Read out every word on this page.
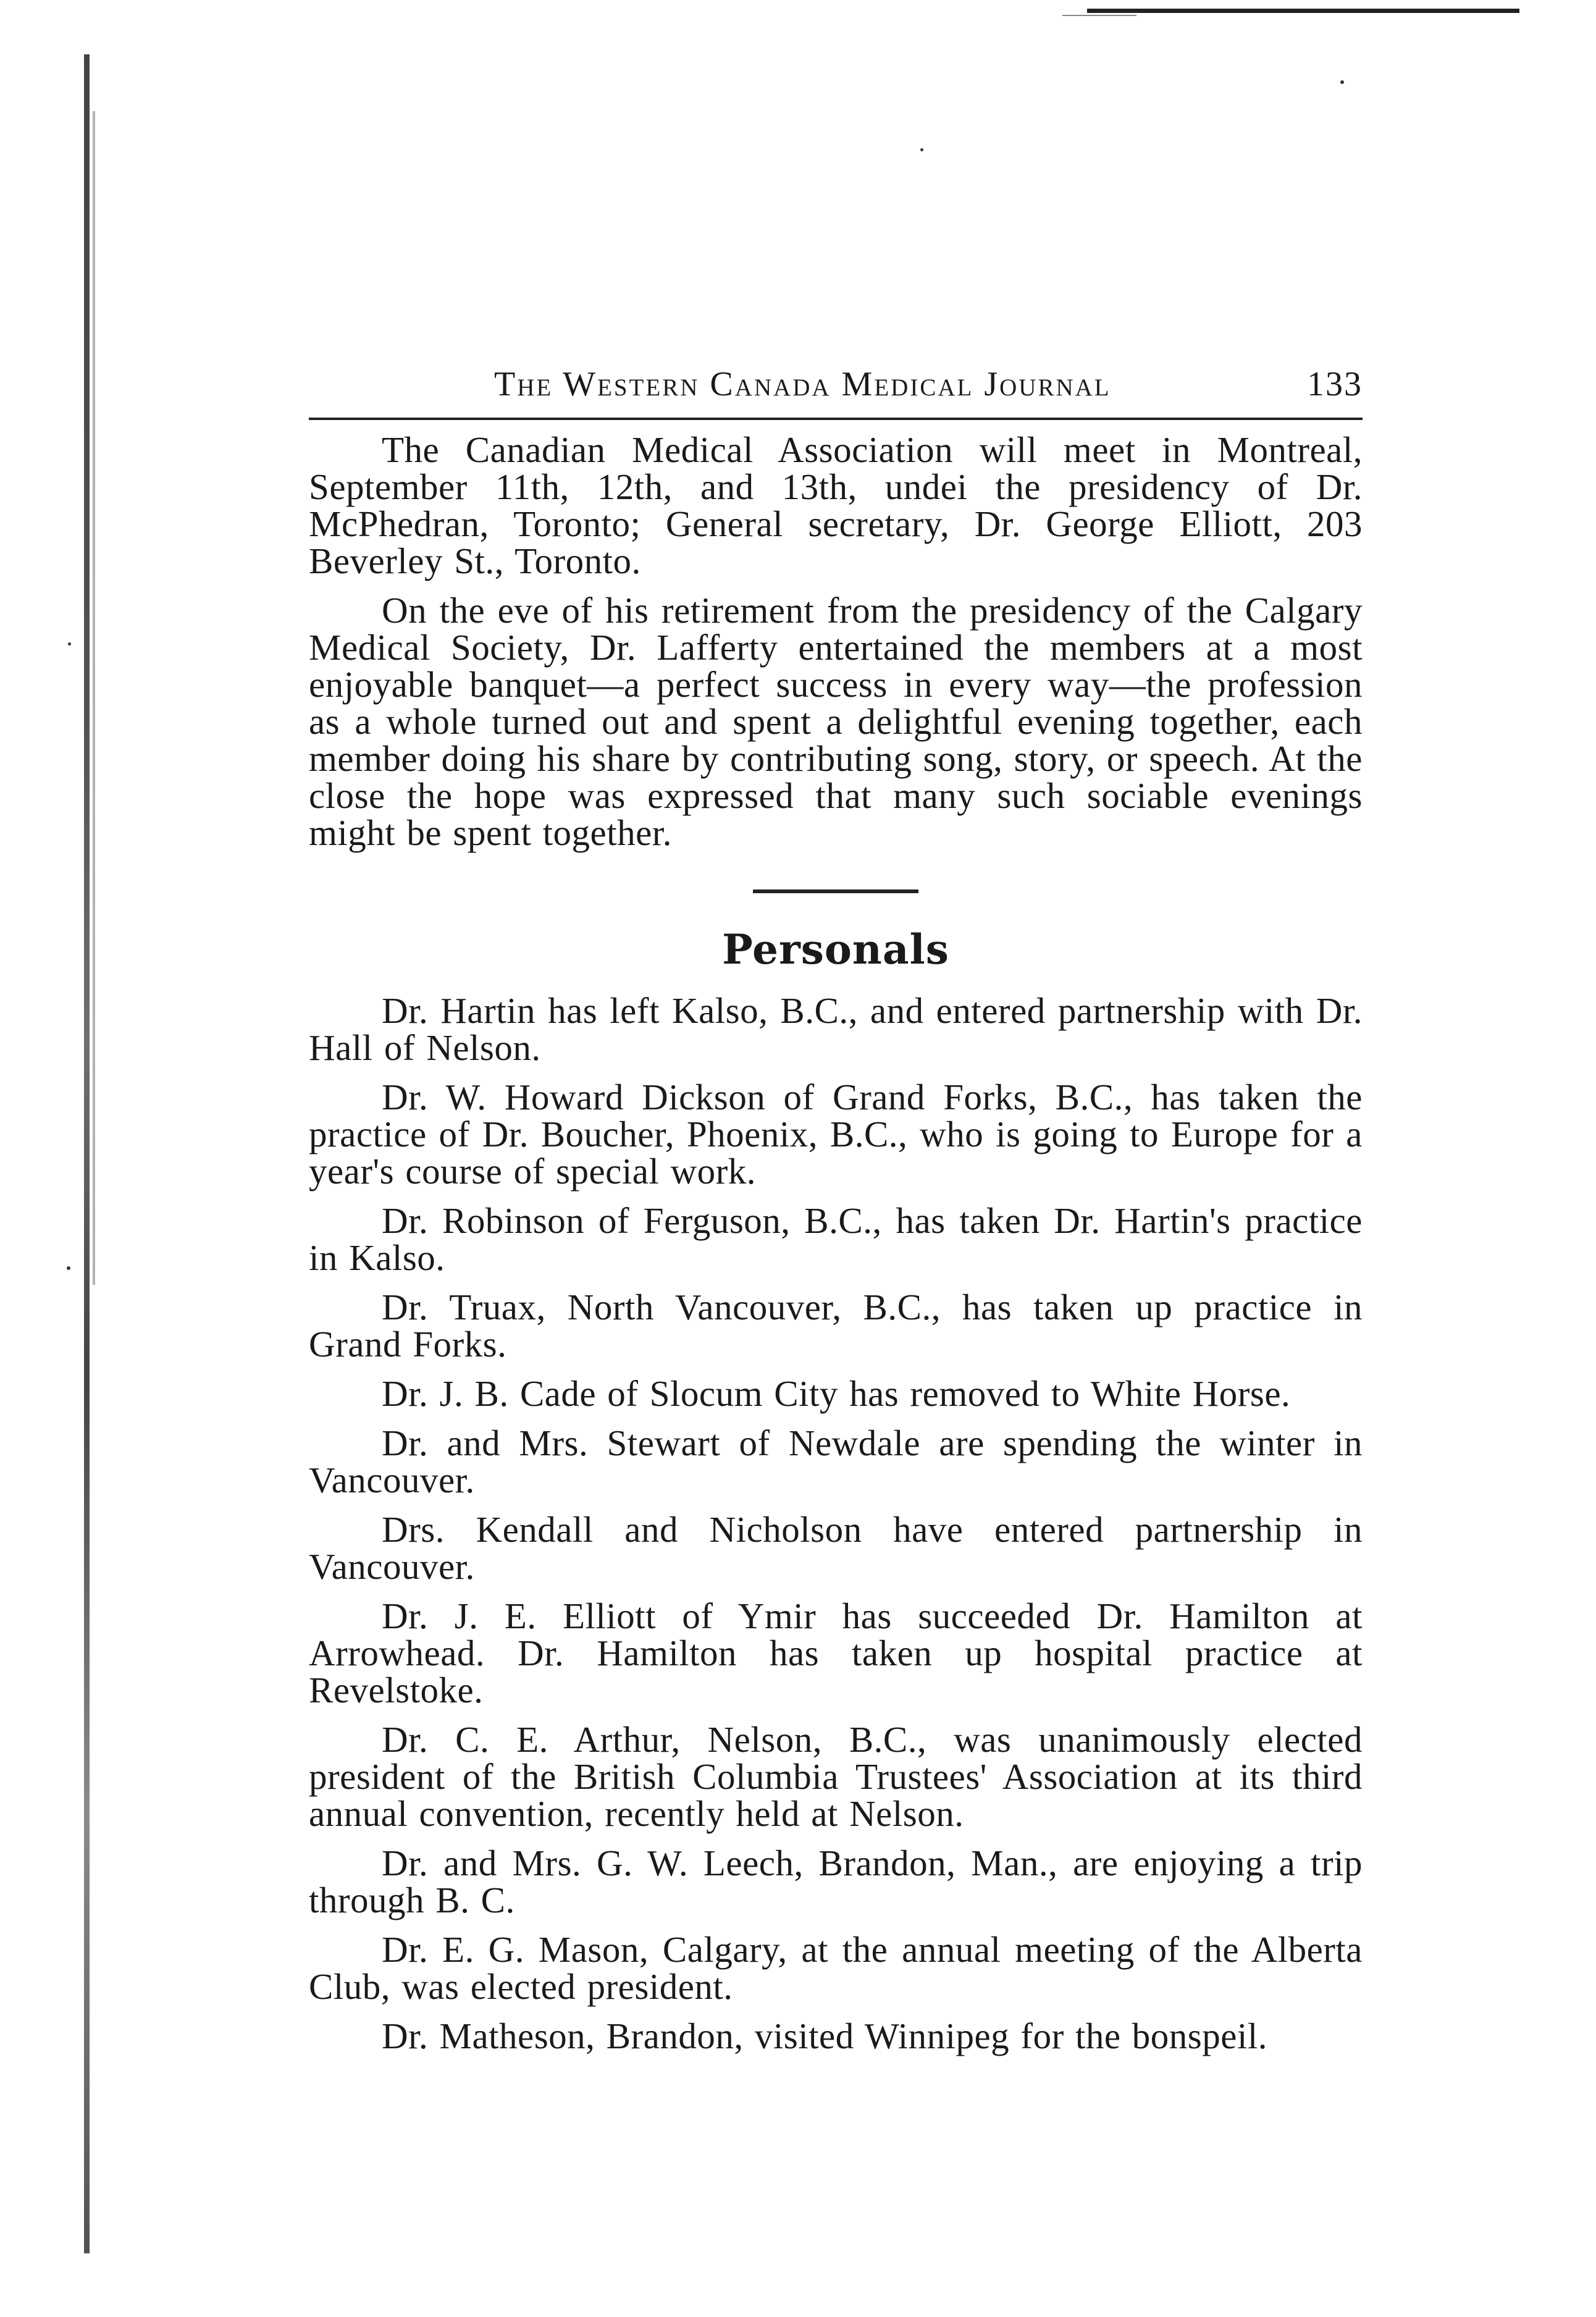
The Western Canada Medical Journal	133

The Canadian Medical Association will meet in Montreal, September 11th, 12th, and 13th, undei the presidency of Dr. McPhedran, Toronto; General secretary, Dr. George Elliott, 203 Beverley St., Toronto.

On the eve of his retirement from the presidency of the Calgary Medical Society, Dr. Lafferty entertained the members at a most enjoyable banquet—a perfect success in every way—the profession as a whole turned out and spent a delightful evening together, each member doing his share by contributing song, story, or speech. At the close the hope was expressed that many such sociable evenings might be spent together.

Personals

Dr. Hartin has left Kalso, B.C., and entered partnership with Dr. Hall of Nelson.

Dr. W. Howard Dickson of Grand Forks, B.C., has taken the practice of Dr. Boucher, Phoenix, B.C., who is going to Europe for a year's course of special work.

Dr. Robinson of Ferguson, B.C., has taken Dr. Hartin's practice in Kalso.

Dr. Truax, North Vancouver, B.C., has taken up practice in Grand Forks.

Dr. J. B. Cade of Slocum City has removed to White Horse.

Dr. and Mrs. Stewart of Newdale are spending the winter in Vancouver.

Drs. Kendall and Nicholson have entered partnership in Vancouver.

Dr. J. E. Elliott of Ymir has succeeded Dr. Hamilton at Arrowhead. Dr. Hamilton has taken up hospital practice at Revelstoke.

Dr. C. E. Arthur, Nelson, B.C., was unanimously elected president of the British Columbia Trustees' Association at its third annual convention, recently held at Nelson.

Dr. and Mrs. G. W. Leech, Brandon, Man., are enjoying a trip through B. C.

Dr. E. G. Mason, Calgary, at the annual meeting of the Alberta Club, was elected president.

Dr. Matheson, Brandon, visited Winnipeg for the bonspeil.
